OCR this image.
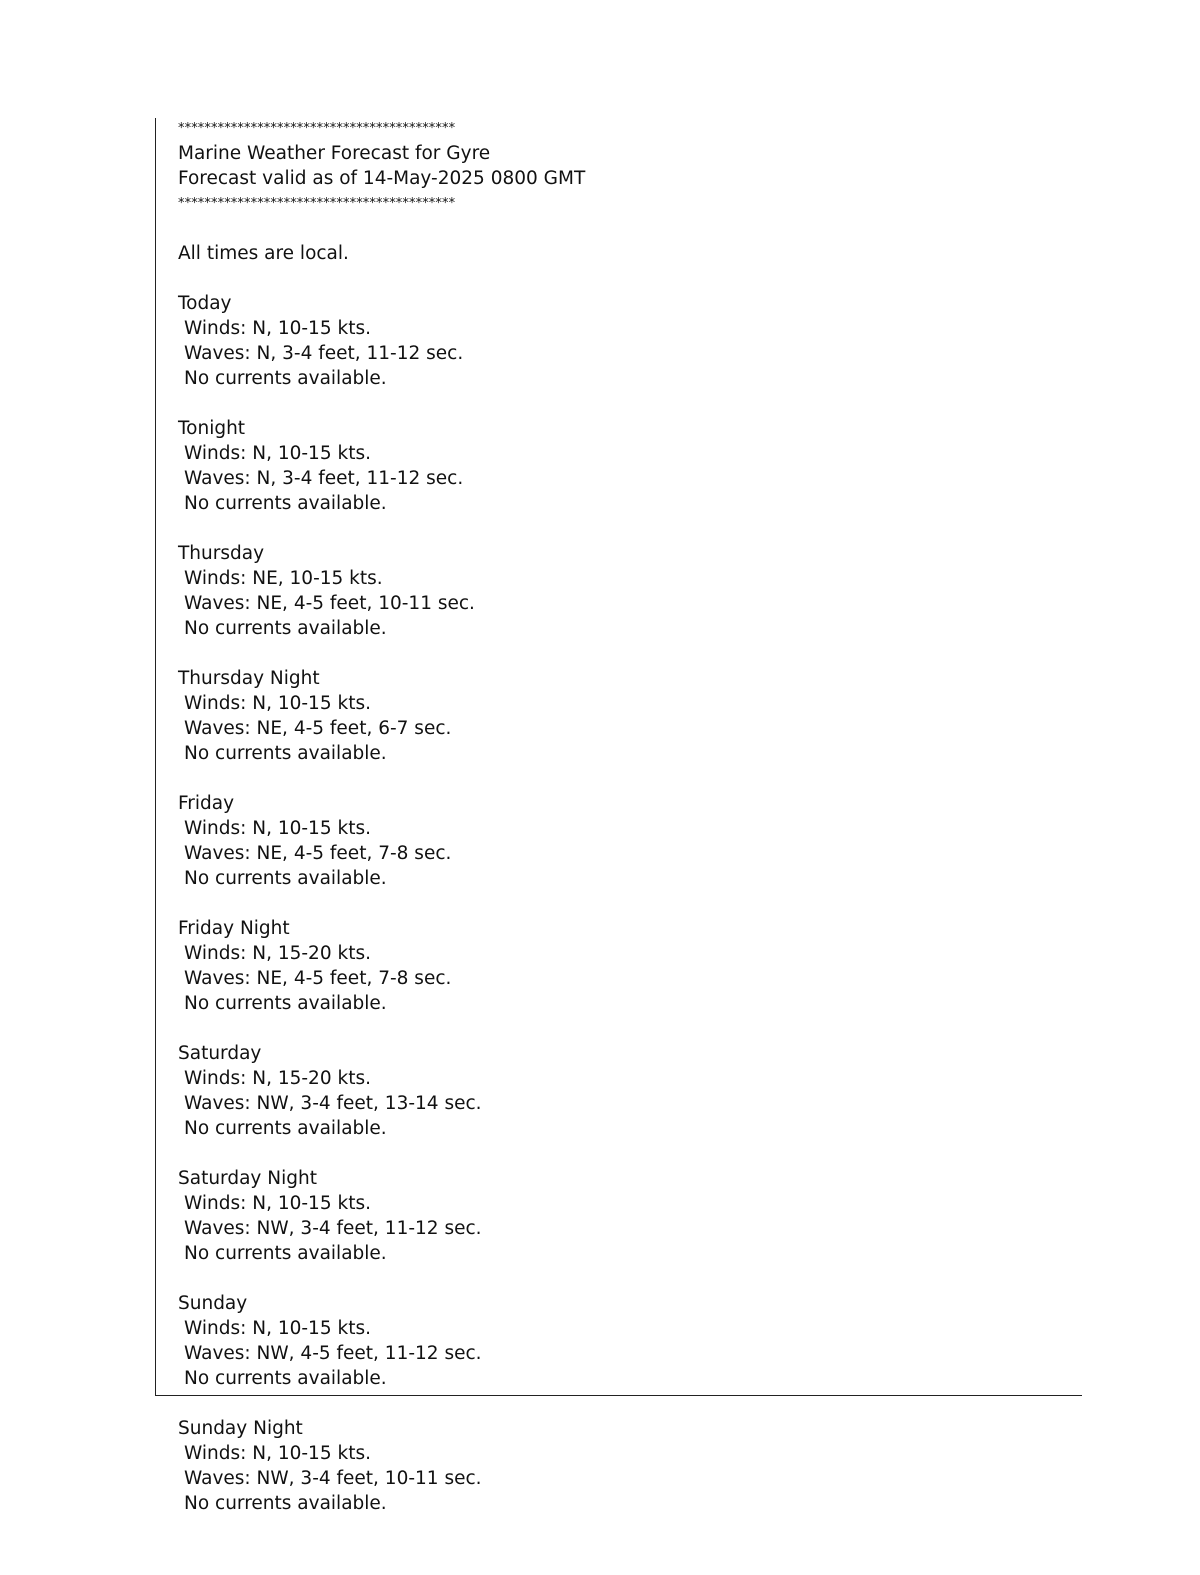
******************************************
Marine Weather Forecast for Gyre
Forecast valid as of 14-May-2025 0800 GMT
******************************************
All times are local.
Today
Winds: N, 10-15 kts.
Waves: N, 3-4 feet, 11-12 sec.
No currents available.
Tonight
Winds: N, 10-15 kts.
Waves: N, 3-4 feet, 11-12 sec.
No currents available.
Thursday
Winds: NE, 10-15 kts.
Waves: NE, 4-5 feet, 10-11 sec.
No currents available.
Thursday Night
Winds: N, 10-15 kts.
Waves: NE, 4-5 feet, 6-7 sec.
No currents available.
Friday
Winds: N, 10-15 kts.
Waves: NE, 4-5 feet, 7-8 sec.
No currents available.
Friday Night
Winds: N, 15-20 kts.
Waves: NE, 4-5 feet, 7-8 sec.
No currents available.
Saturday
Winds: N, 15-20 kts.
Waves: NW, 3-4 feet, 13-14 sec.
No currents available.
Saturday Night
Winds: N, 10-15 kts.
Waves: NW, 3-4 feet, 11-12 sec.
No currents available.
Sunday
Winds: N, 10-15 kts.
Waves: NW, 4-5 feet, 11-12 sec.
No currents available.
Sunday Night
Winds: N, 10-15 kts.
Waves: NW, 3-4 feet, 10-11 sec.
No currents available.
